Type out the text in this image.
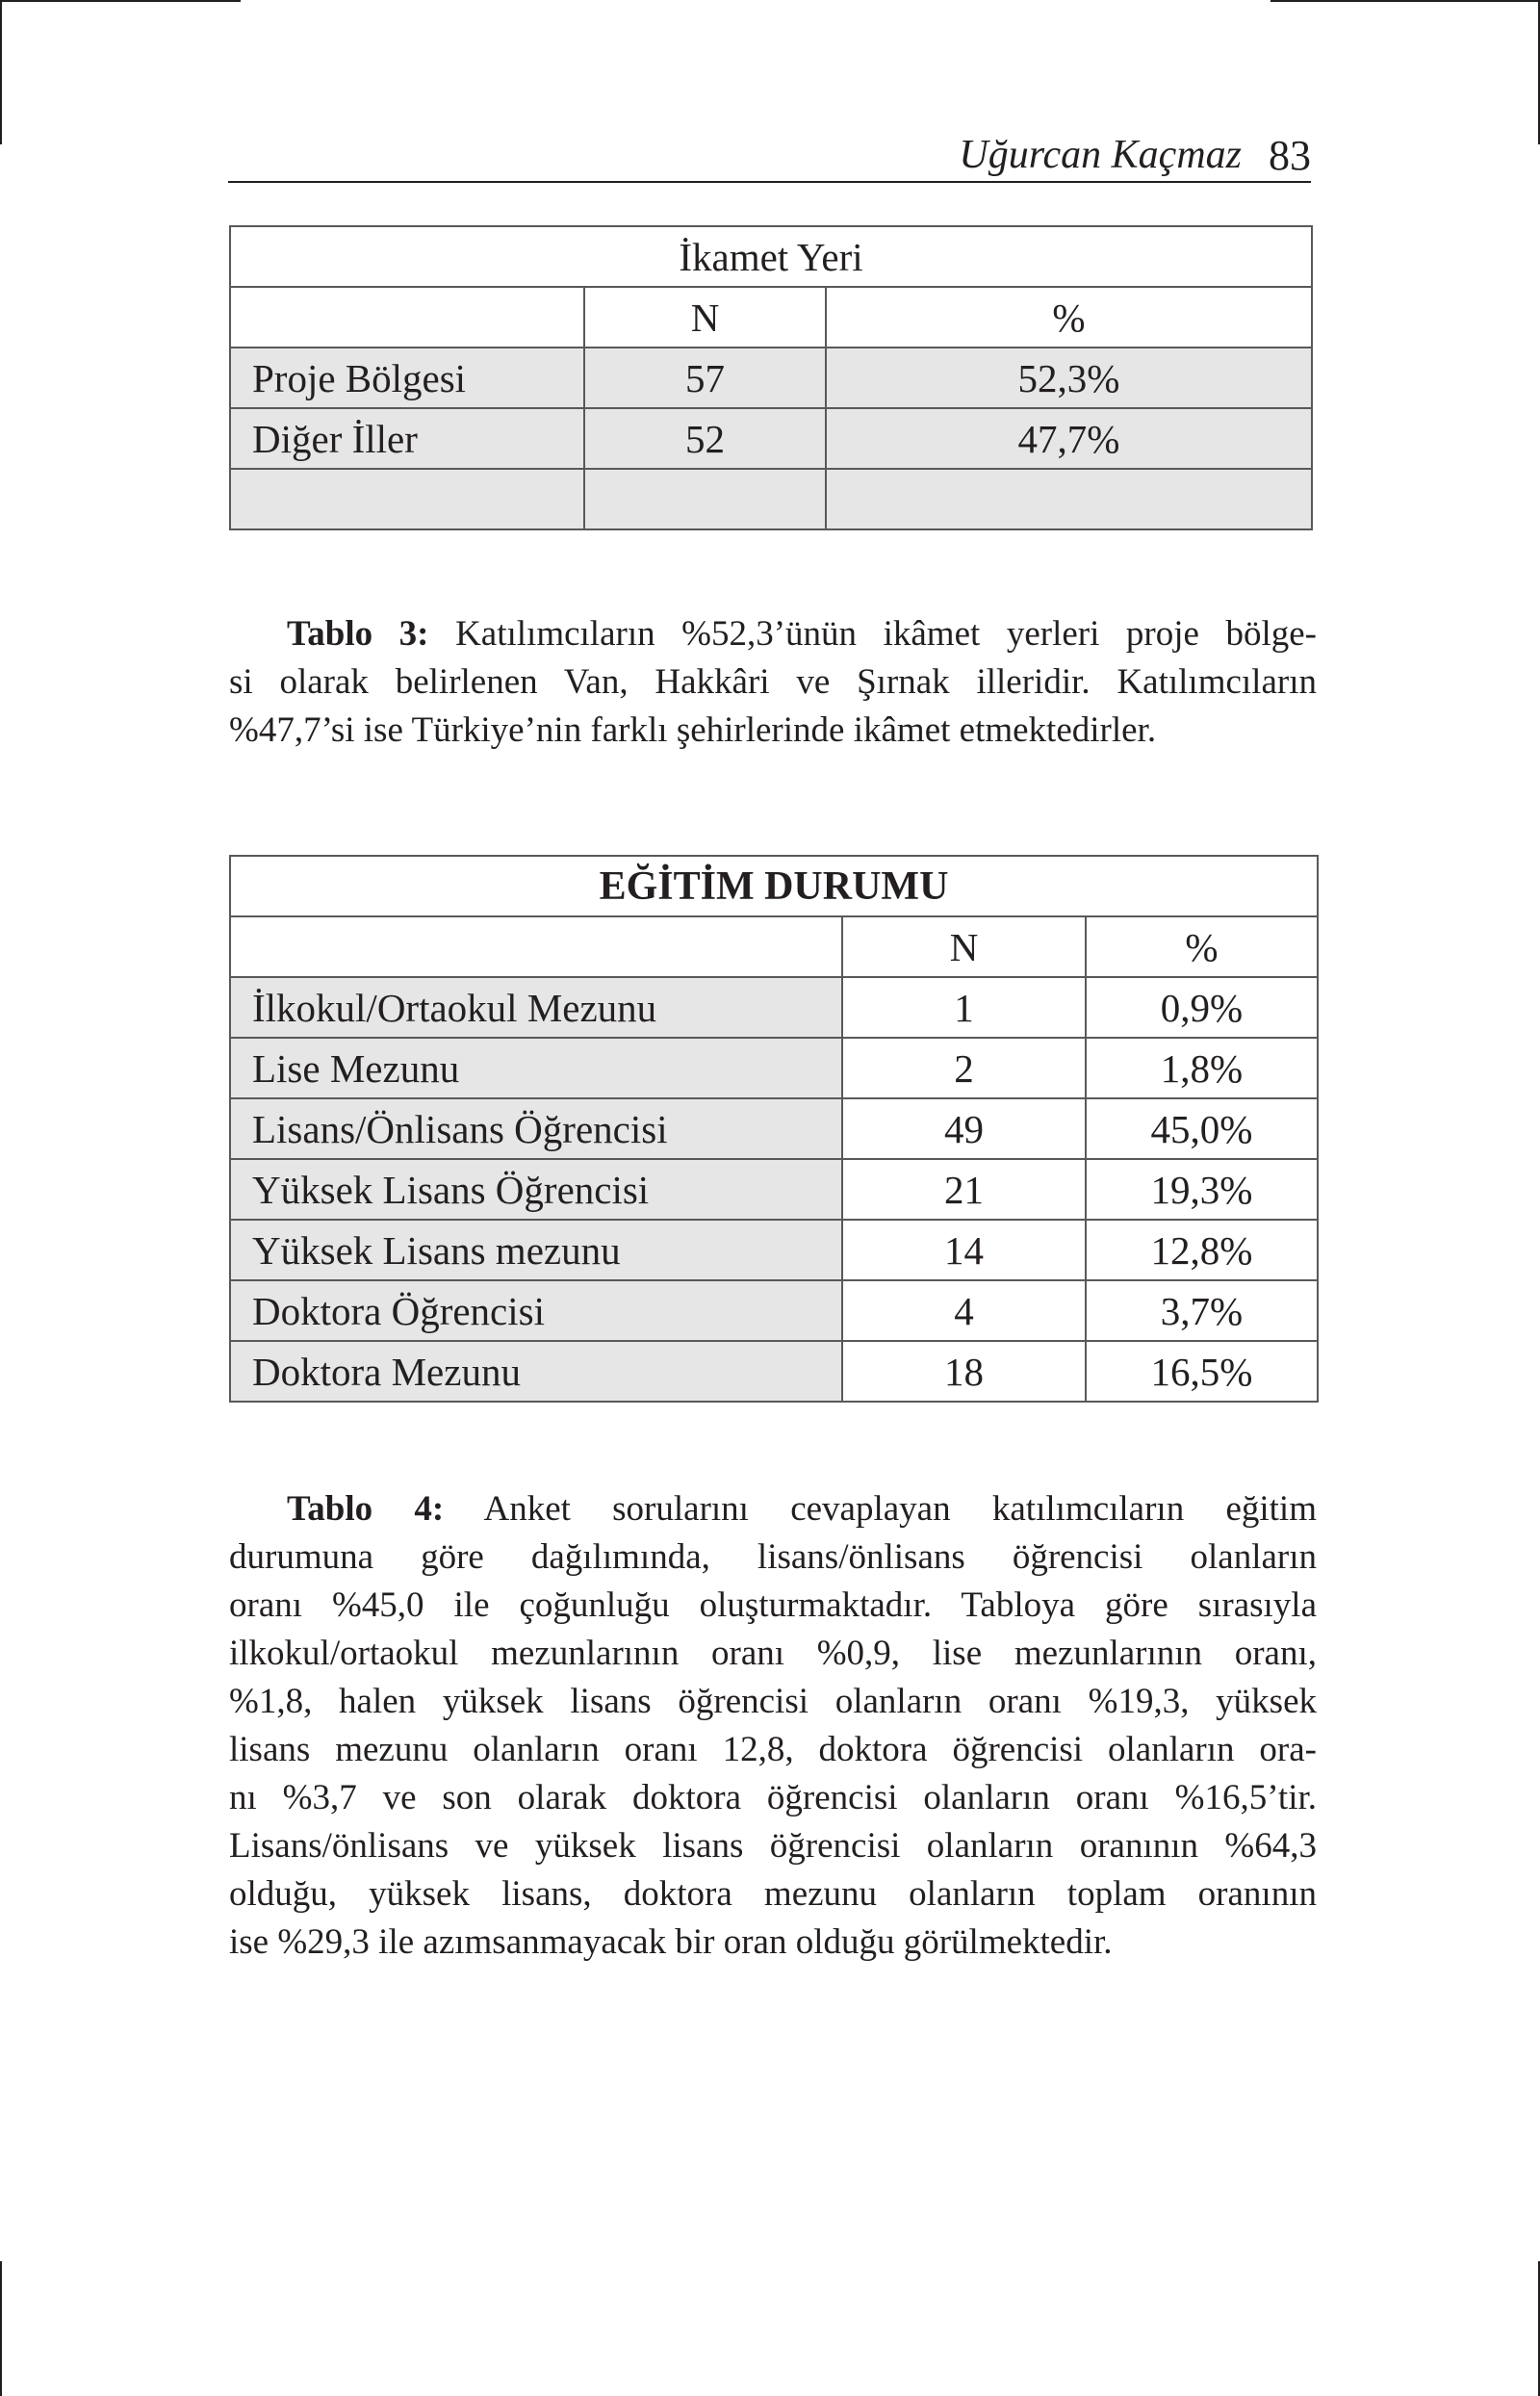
Uğurcan Kaçmaz 83
İkamet Yeri		
	N	%
Proje Bölgesi	57	52,3%
Diğer İller	52	47,7%

Tablo 3: Katılımcıların %52,3’ünün ikâmet yerleri proje bölge-
si olarak belirlenen Van, Hakkâri ve Şırnak illeridir. Katılımcıların
%47,7’si ise Türkiye’nin farklı şehirlerinde ikâmet etmektedirler.
EĞİTİM DURUMU		
	N	%
İlkokul/Ortaokul Mezunu	1	0,9%
Lise Mezunu	2	1,8%
Lisans/Önlisans Öğrencisi	49	45,0%
Yüksek Lisans Öğrencisi	21	19,3%
Yüksek Lisans mezunu	14	12,8%
Doktora Öğrencisi	4	3,7%
Doktora Mezunu	18	16,5%
Tablo 4: Anket sorularını cevaplayan katılımcıların eğitim
durumuna göre dağılımında, lisans/önlisans öğrencisi olanların
oranı %45,0 ile çoğunluğu oluşturmaktadır. Tabloya göre sırasıyla
ilkokul/ortaokul mezunlarının oranı %0,9, lise mezunlarının oranı,
%1,8, halen yüksek lisans öğrencisi olanların oranı %19,3, yüksek
lisans mezunu olanların oranı 12,8, doktora öğrencisi olanların ora-
nı %3,7 ve son olarak doktora öğrencisi olanların oranı %16,5’tir.
Lisans/önlisans ve yüksek lisans öğrencisi olanların oranının %64,3
olduğu, yüksek lisans, doktora mezunu olanların toplam oranının
ise %29,3 ile azımsanmayacak bir oran olduğu görülmektedir.
